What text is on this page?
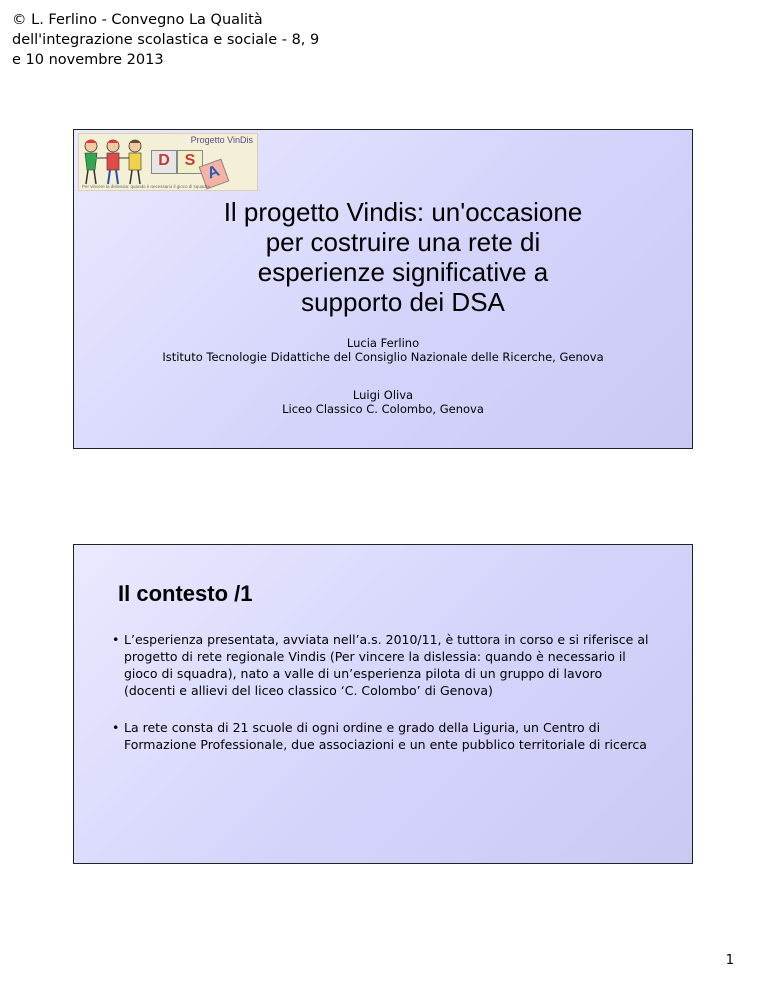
© L. Ferlino - Convegno La Qualità
dell'integrazione scolastica e sociale - 8, 9
e 10 novembre 2013
Progetto VinDis
D S
A
Per vincere la dislessia: quando è necessario il gioco di squadra
Il progetto Vindis: un'occasione
per costruire una rete di
esperienze significative a
supporto dei DSA
Lucia Ferlino
Istituto Tecnologie Didattiche del Consiglio Nazionale delle Ricerche, Genova
Luigi Oliva
Liceo Classico C. Colombo, Genova
Il contesto /1
• L’esperienza presentata, avviata nell’a.s. 2010/11, è tuttora in corso e si riferisce al progetto di rete regionale Vindis (Per vincere la dislessia: quando è necessario il gioco di squadra), nato a valle di un’esperienza pilota di un gruppo di lavoro (docenti e allievi del liceo classico ‘C. Colombo’ di Genova)
• La rete consta di 21 scuole di ogni ordine e grado della Liguria, un Centro di Formazione Professionale, due associazioni e un ente pubblico territoriale di ricerca
1
